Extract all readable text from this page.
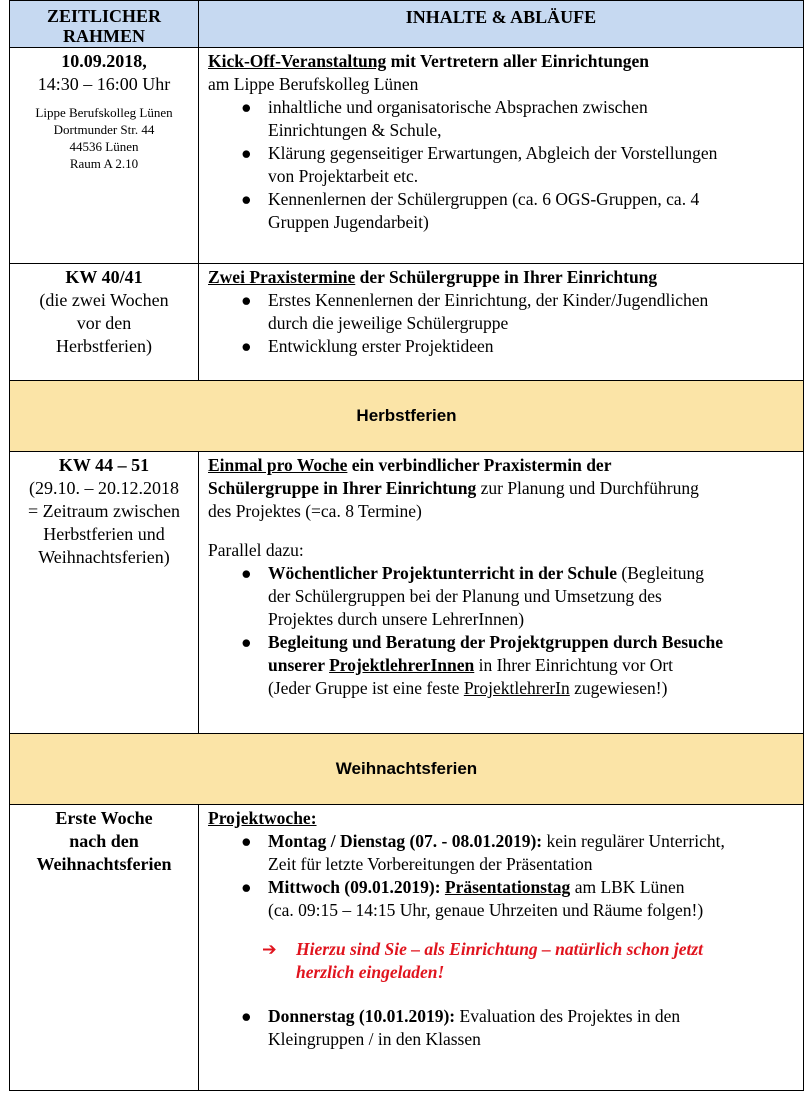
ZEITLICHER RAHMEN
INHALTE & ABLÄUFE
10.09.2018,
14:30 – 16:00 Uhr
Lippe Berufskolleg Lünen
Dortmunder Str. 44
44536 Lünen
Raum A 2.10
Kick-Off-Veranstaltung mit Vertretern aller Einrichtungen
am Lippe Berufskolleg Lünen
● inhaltliche und organisatorische Absprachen zwischen
Einrichtungen & Schule,
● Klärung gegenseitiger Erwartungen, Abgleich der Vorstellungen
von Projektarbeit etc.
● Kennenlernen der Schülergruppen (ca. 6 OGS-Gruppen, ca. 4
Gruppen Jugendarbeit)
KW 40/41
(die zwei Wochen
vor den
Herbstferien)
Zwei Praxistermine der Schülergruppe in Ihrer Einrichtung
● Erstes Kennenlernen der Einrichtung, der Kinder/Jugendlichen
durch die jeweilige Schülergruppe
● Entwicklung erster Projektideen
Herbstferien
KW 44 – 51
(29.10. – 20.12.2018
= Zeitraum zwischen
Herbstferien und
Weihnachtsferien)
Einmal pro Woche ein verbindlicher Praxistermin der
Schülergruppe in Ihrer Einrichtung zur Planung und Durchführung
des Projektes (=ca. 8 Termine)
Parallel dazu:
● Wöchentlicher Projektunterricht in der Schule (Begleitung
der Schülergruppen bei der Planung und Umsetzung des
Projektes durch unsere LehrerInnen)
● Begleitung und Beratung der Projektgruppen durch Besuche
unserer ProjektlehrerInnen in Ihrer Einrichtung vor Ort
(Jeder Gruppe ist eine feste ProjektlehrerIn zugewiesen!)
Weihnachtsferien
Erste Woche
nach den
Weihnachtsferien
Projektwoche:
● Montag / Dienstag (07. - 08.01.2019): kein regulärer Unterricht,
Zeit für letzte Vorbereitungen der Präsentation
● Mittwoch (09.01.2019): Präsentationstag am LBK Lünen
(ca. 09:15 – 14:15 Uhr, genaue Uhrzeiten und Räume folgen!)
➔ Hierzu sind Sie – als Einrichtung – natürlich schon jetzt
herzlich eingeladen!
● Donnerstag (10.01.2019): Evaluation des Projektes in den
Kleingruppen / in den Klassen
